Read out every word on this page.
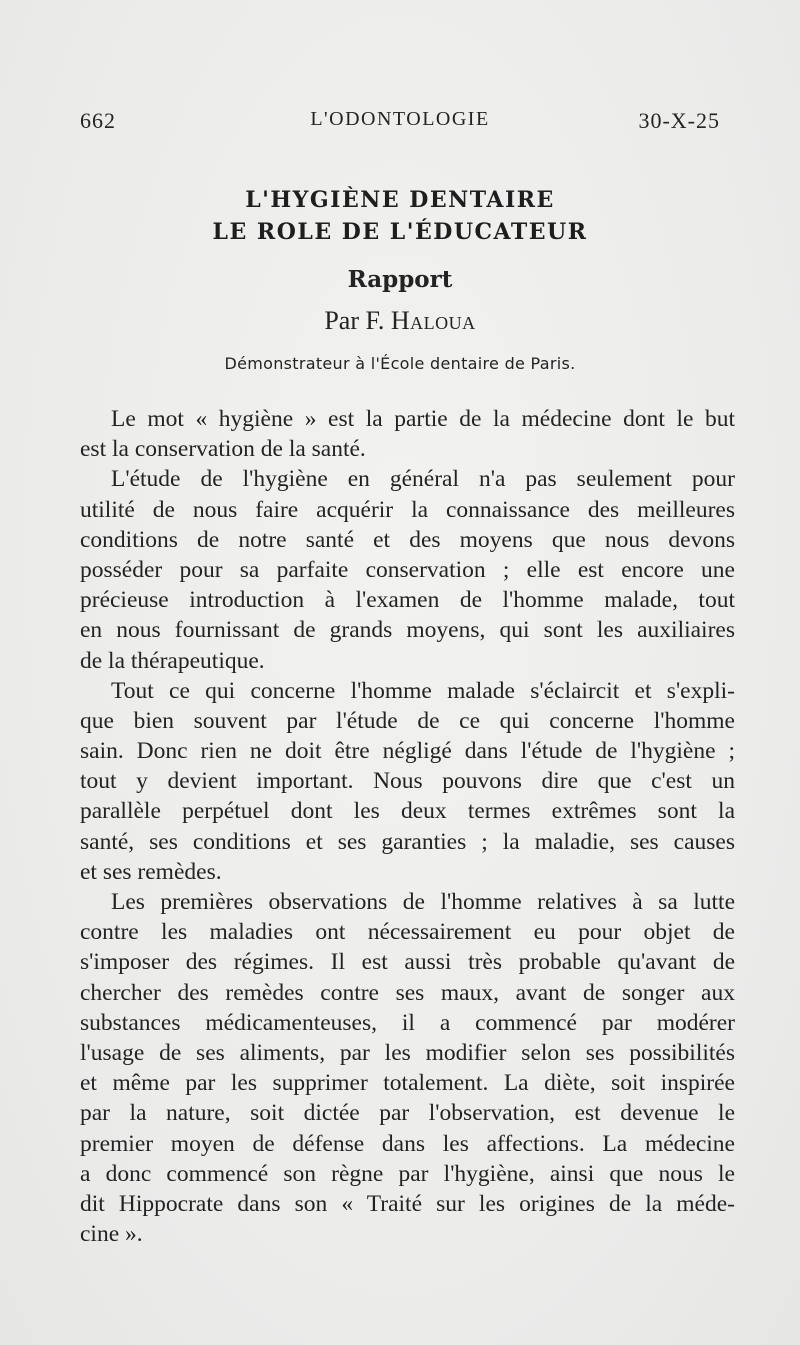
662	L'ODONTOLOGIE	30-X-25
L'HYGIÈNE DENTAIRE
LE ROLE DE L'ÉDUCATEUR
Rapport
Par F. Haloua
Démonstrateur à l'École dentaire de Paris.
Le mot « hygiène » est la partie de la médecine dont le but
est la conservation de la santé.
L'étude de l'hygiène en général n'a pas seulement pour
utilité de nous faire acquérir la connaissance des meilleures
conditions de notre santé et des moyens que nous devons
posséder pour sa parfaite conservation ; elle est encore une
précieuse introduction à l'examen de l'homme malade, tout
en nous fournissant de grands moyens, qui sont les auxiliaires
de la thérapeutique.
Tout ce qui concerne l'homme malade s'éclaircit et s'expli-
que bien souvent par l'étude de ce qui concerne l'homme
sain. Donc rien ne doit être négligé dans l'étude de l'hygiène ;
tout y devient important. Nous pouvons dire que c'est un
parallèle perpétuel dont les deux termes extrêmes sont la
santé, ses conditions et ses garanties ; la maladie, ses causes
et ses remèdes.
Les premières observations de l'homme relatives à sa lutte
contre les maladies ont nécessairement eu pour objet de
s'imposer des régimes. Il est aussi très probable qu'avant de
chercher des remèdes contre ses maux, avant de songer aux
substances médicamenteuses, il a commencé par modérer
l'usage de ses aliments, par les modifier selon ses possibilités
et même par les supprimer totalement. La diète, soit inspirée
par la nature, soit dictée par l'observation, est devenue le
premier moyen de défense dans les affections. La médecine
a donc commencé son règne par l'hygiène, ainsi que nous le
dit Hippocrate dans son « Traité sur les origines de la méde-
cine ».
